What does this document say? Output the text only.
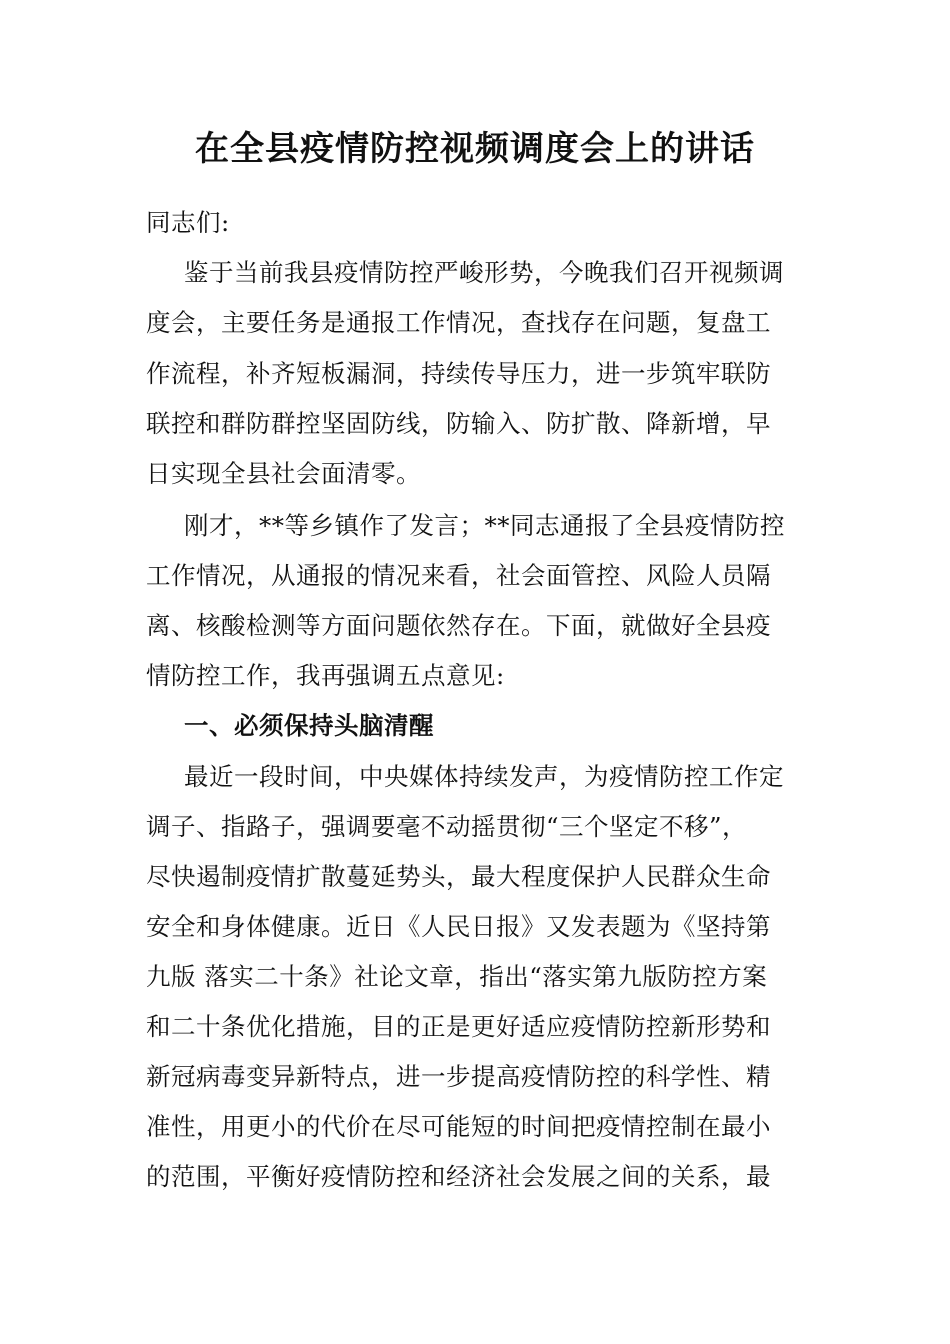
在全县疫情防控视频调度会上的讲话
同志们:
鉴于当前我县疫情防控严峻形势，今晚我们召开视频调
度会，主要任务是通报工作情况，查找存在问题，复盘工
作流程，补齐短板漏洞，持续传导压力，进一步筑牢联防
联控和群防群控坚固防线，防输入、防扩散、降新增，早
日实现全县社会面清零。
刚才，**等乡镇作了发言；**同志通报了全县疫情防控
工作情况，从通报的情况来看，社会面管控、风险人员隔
离、核酸检测等方面问题依然存在。下面，就做好全县疫
情防控工作，我再强调五点意见:
一、必须保持头脑清醒
最近一段时间，中央媒体持续发声，为疫情防控工作定
调子、指路子，强调要毫不动摇贯彻“三个坚定不移”，
尽快遏制疫情扩散蔓延势头，最大程度保护人民群众生命
安全和身体健康。近日《人民日报》又发表题为《坚持第
九版 落实二十条》社论文章，指出“落实第九版防控方案
和二十条优化措施，目的正是更好适应疫情防控新形势和
新冠病毒变异新特点，进一步提高疫情防控的科学性、精
准性，用更小的代价在尽可能短的时间把疫情控制在最小
的范围，平衡好疫情防控和经济社会发展之间的关系，最
